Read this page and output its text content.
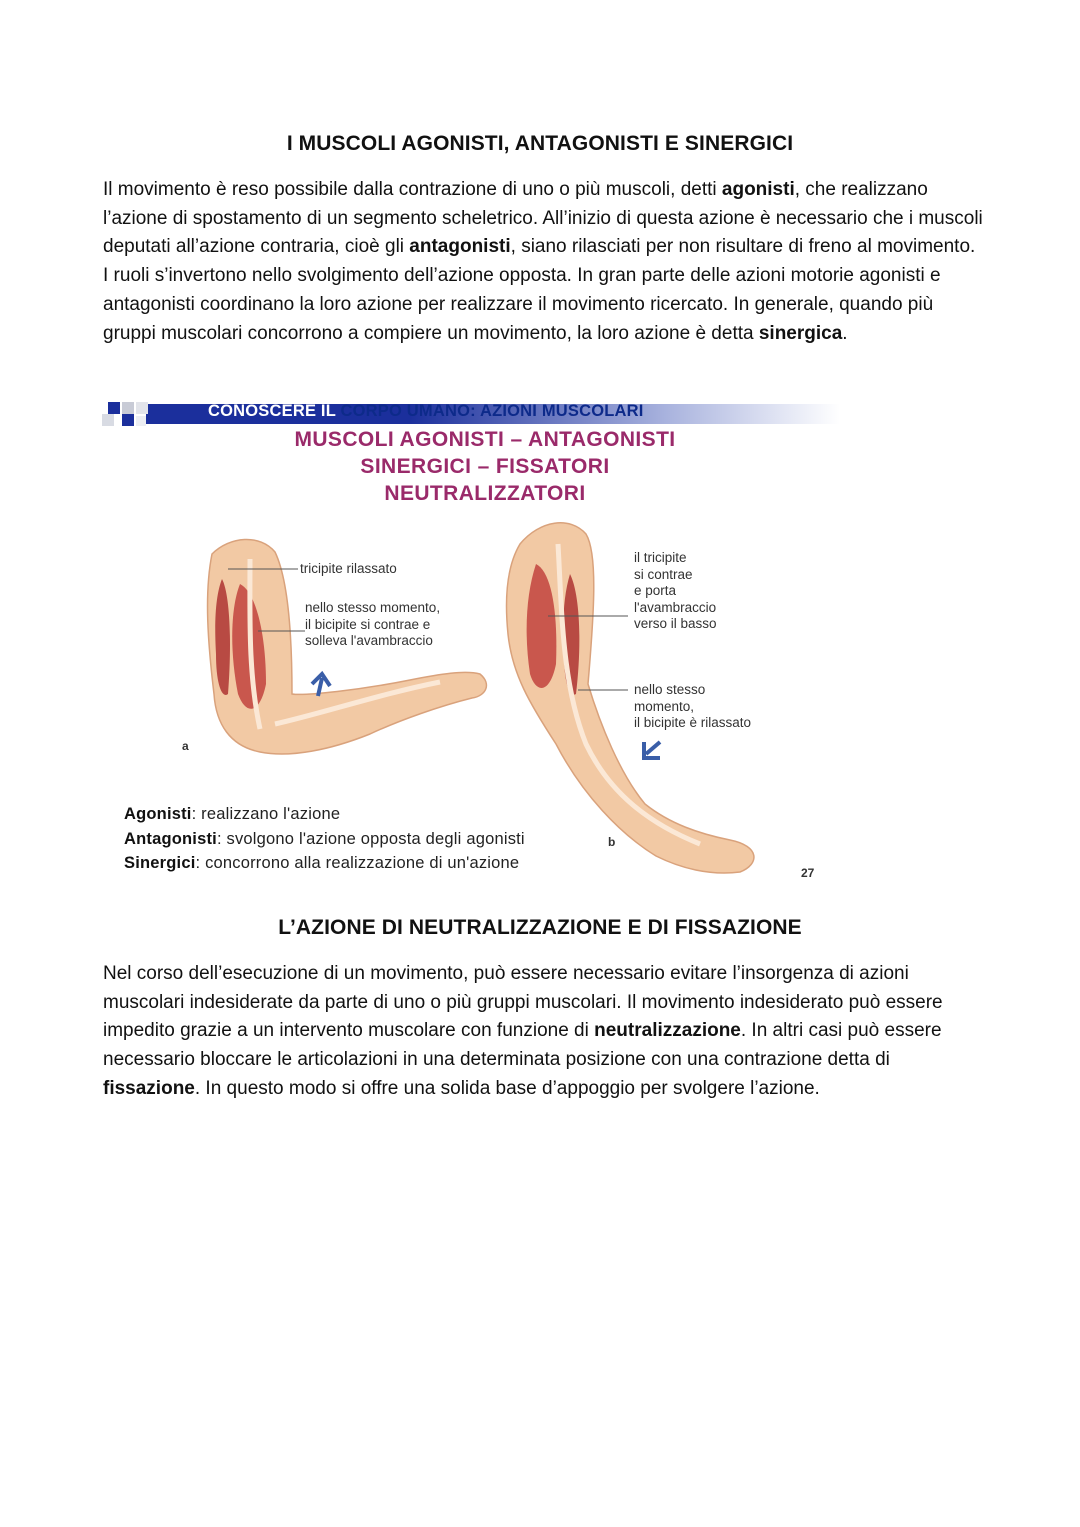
I MUSCOLI AGONISTI, ANTAGONISTI E SINERGICI
Il movimento è reso possibile dalla contrazione di uno o più muscoli, detti agonisti, che realizzano l’azione di spostamento di un segmento scheletrico. All’inizio di questa azione è necessario che i muscoli deputati all’azione contraria, cioè gli antagonisti, siano rilasciati per non risultare di freno al movimento. I ruoli s’invertono nello svolgimento dell’azione opposta. In gran parte delle azioni motorie agonisti e antagonisti coordinano la loro azione per realizzare il movimento ricercato. In generale, quando più gruppi muscolari concorrono a compiere un movimento, la loro azione è detta sinergica.
CONOSCERE IL CORPO UMANO: AZIONI MUSCOLARI
MUSCOLI AGONISTI – ANTAGONISTI
SINERGICI – FISSATORI
NEUTRALIZZATORI
tricipite rilassato
nello stesso momento,
il bicipite si contrae e
solleva l'avambraccio
il tricipite
si contrae
e porta
l'avambraccio
verso il basso
nello stesso
momento,
il bicipite è rilassato
a
b
Agonisti: realizzano l'azione
Antagonisti: svolgono l'azione opposta degli agonisti
Sinergici: concorrono alla realizzazione di un'azione
27
L’AZIONE DI NEUTRALIZZAZIONE E DI FISSAZIONE
Nel corso dell’esecuzione di un movimento, può essere necessario evitare l’insorgenza di azioni muscolari indesiderate da parte di uno o più gruppi muscolari. Il movimento indesiderato può essere impedito grazie a un intervento muscolare con funzione di neutralizzazione. In altri casi può essere necessario bloccare le articolazioni in una determinata posizione con una contrazione detta di fissazione. In questo modo si offre una solida base d’appoggio per svolgere l’azione.
